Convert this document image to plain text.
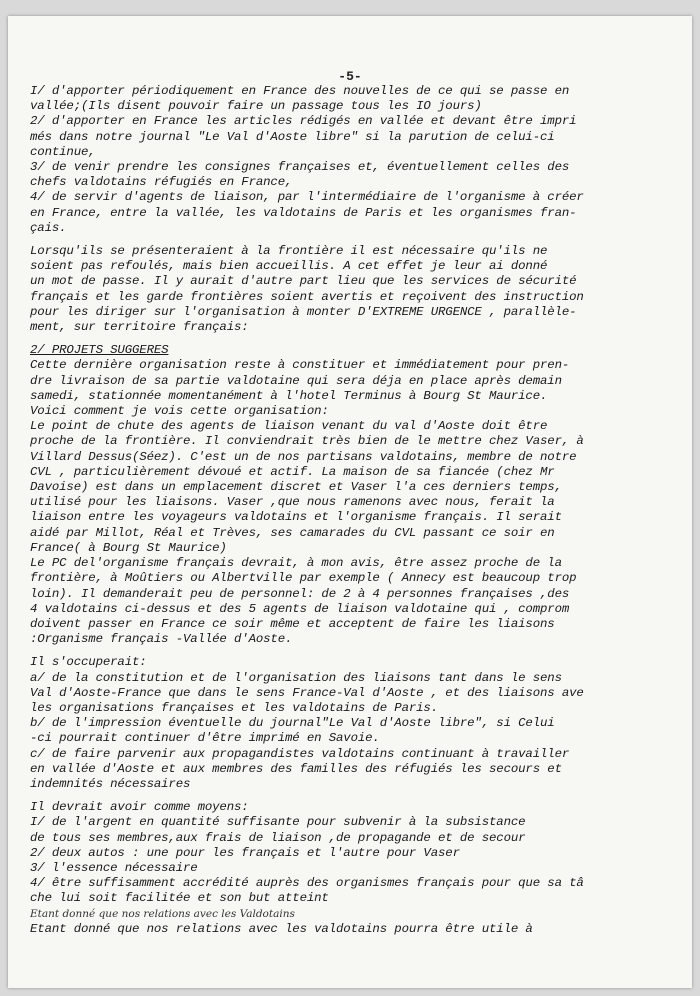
-5-

I/ d'apporter périodiquement en France des nouvelles de ce qui se passe en

vallée;(Ils disent pouvoir faire un passage tous les IO jours)

2/ d'apporter en France les articles rédigés en vallée et devant être impri

més dans notre journal "Le Val d'Aoste libre" si la parution de celui-ci

continue,

3/ de venir prendre les consignes françaises et, éventuellement celles des

chefs valdotains réfugiés en France,

4/ de servir d'agents de liaison, par l'intermédiaire de l'organisme à créer

en France, entre la vallée, les valdotains de Paris et les organismes fran-

çais.

Lorsqu'ils se présenteraient à la frontière il est nécessaire qu'ils ne

soient pas refoulés, mais bien accueillis. A cet effet je leur ai donné

un mot de passe. Il y aurait d'autre part lieu que les services de sécurité

français et les garde frontières soient avertis et reçoivent des instruction

pour les diriger sur l'organisation à monter D'EXTREME URGENCE , parallèle-

ment, sur territoire français:

2/ PROJETS SUGGERES

Cette dernière organisation reste à constituer et immédiatement pour pren-

dre livraison de sa partie valdotaine qui sera déja en place après demain

samedi, stationnée momentanément à l'hotel Terminus à Bourg St Maurice.

Voici comment je vois cette organisation:

Le point de chute des agents de liaison venant du val d'Aoste doit être

proche de la frontière. Il conviendrait très bien de le mettre chez Vaser, à

Villard Dessus(Séez). C'est un de nos partisans valdotains, membre de notre

CVL , particulièrement dévoué et actif. La maison de sa fiancée (chez Mr

Davoise) est dans un emplacement discret et Vaser l'a ces derniers temps,

utilisé pour les liaisons. Vaser ,que nous ramenons avec nous, ferait la

liaison entre les voyageurs valdotains et l'organisme français. Il serait

aidé par Millot, Réal et Trèves, ses camarades du CVL passant ce soir en

France( à Bourg St Maurice)

Le PC del'organisme français devrait, à mon avis, être assez proche de la

frontière, à Moûtiers ou Albertville par exemple ( Annecy est beaucoup trop

loin). Il demanderait peu de personnel: de 2 à 4 personnes françaises ,des

4 valdotains ci-dessus et des 5 agents de liaison valdotaine qui , comprom

doivent passer en France ce soir même et acceptent de faire les liaisons

:Organisme français -Vallée d'Aoste.

Il s'occuperait:

a/ de la constitution et de l'organisation des liaisons tant dans le sens

Val d'Aoste-France que dans le sens France-Val d'Aoste , et des liaisons ave

les organisations françaises et les valdotains de Paris.

b/ de l'impression éventuelle du journal"Le Val d'Aoste libre", si Celui

-ci pourrait continuer d'être imprimé en Savoie.

c/ de faire parvenir aux propagandistes valdotains continuant à travailler

en vallée d'Aoste et aux membres des familles des réfugiés les secours et

indemnités nécessaires

Il devrait avoir comme moyens:

I/ de l'argent en quantité suffisante pour subvenir à la subsistance

de tous ses membres,aux frais de liaison ,de propagande et de secour

2/ deux autos : une pour les français et l'autre pour Vaser

3/ l'essence nécessaire

4/ être suffisamment accrédité auprès des organismes français pour que sa tâ

che lui soit facilitée et son but atteint

Etant donné que nos relations avec les Valdotains

Etant donné que nos relations avec les valdotains pourra être utile à
